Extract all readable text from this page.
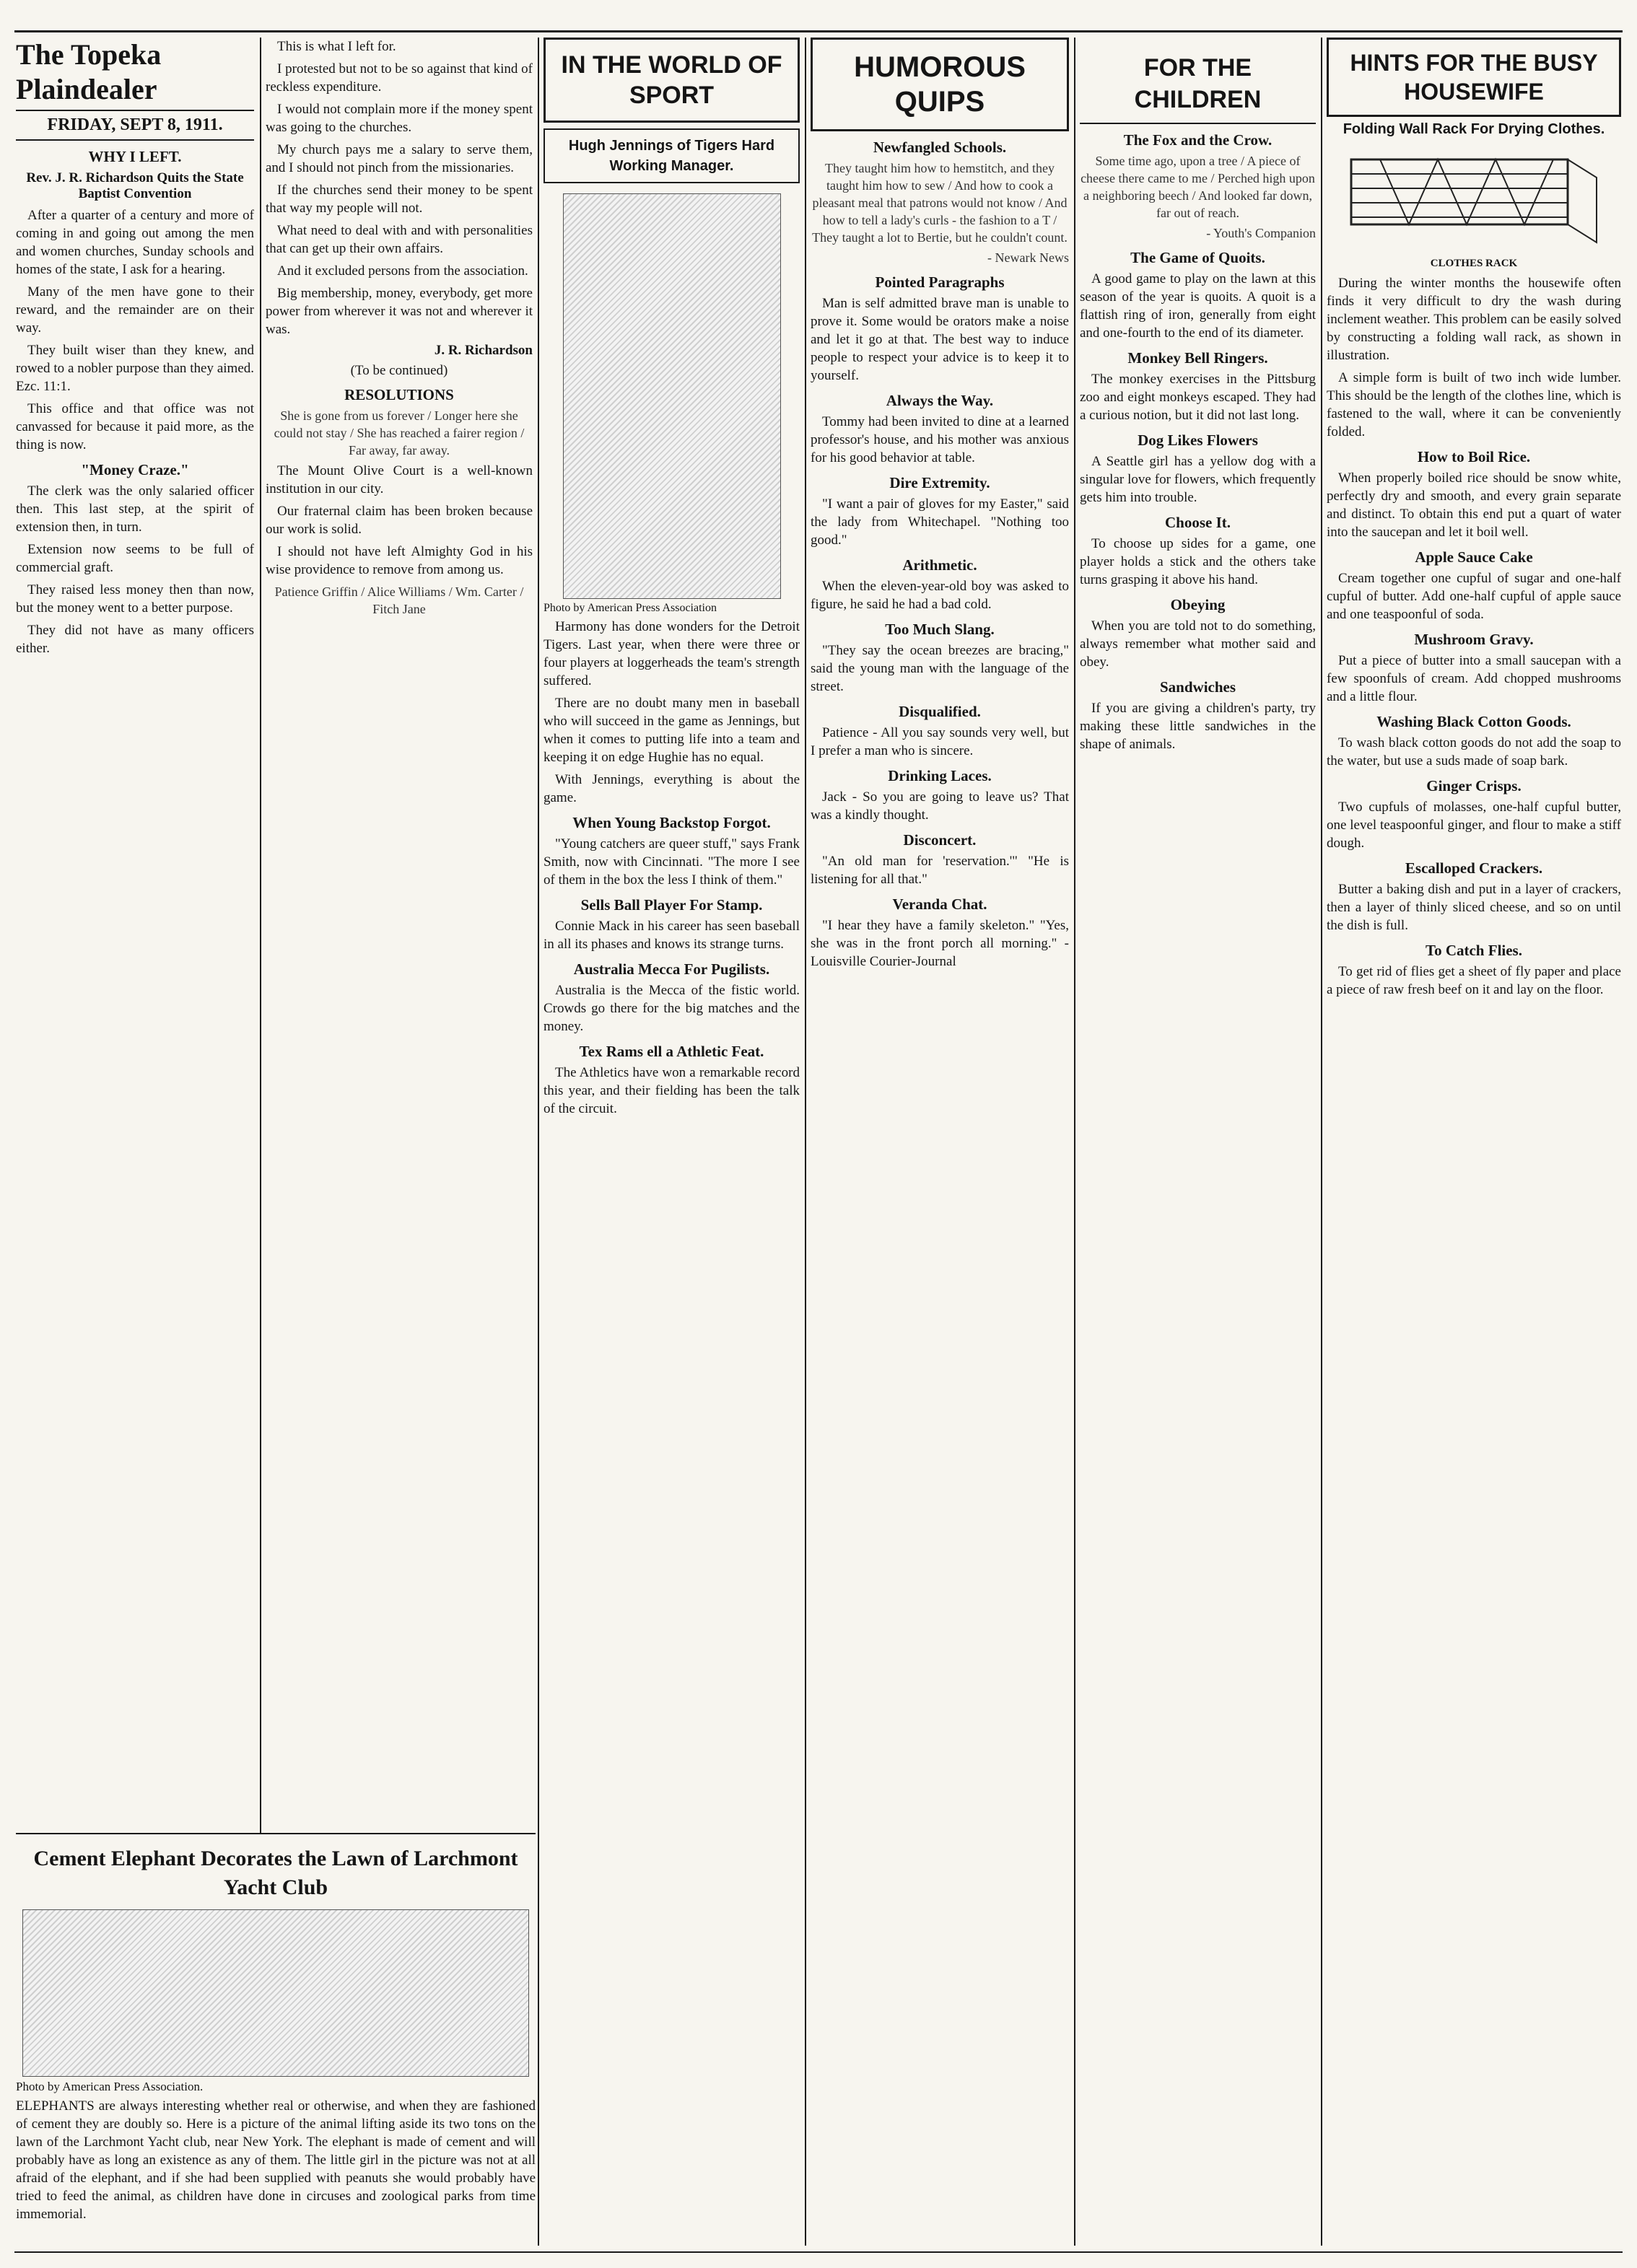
The Topeka Plaindealer
FRIDAY, SEPT 8, 1911.
WHY I LEFT.
Rev. J. R. Richardson Quits the State Baptist Convention

After a quarter of a century and more of coming in and going out among the men and women churches, Sunday schools and homes of the state, I ask for a hearing.

Many of the men have gone to their reward, and the remainder are on their way.

They built wiser than they knew, and rowed to a nobler purpose than they aimed. Ezc. 11:1.

This office and that office was not canvassed for because it paid more, as the thing is now.

"Money Craze."

The clerk was the only salaried officer then. This last step, at the spirit of extension then, in turn.

Extension now seems to be full of commercial graft.

They raised less money then than now, but the money went to a better purpose.

They did not have as many officers either.

This is what I left for.

I protested but not to be so against that kind of reckless expenditure.

I would not complain more if the money spent was going to the churches.

My church pays me a salary to serve them, and I should not pinch from the missionaries.

If the churches send their money to be spent that way my people will not.

What need to deal with and with personalities that can get up their own affairs.

And it excluded persons from the association.

Big membership, money, everybody, get more power from wherever it was not and wherever it was.

J. R. Richardson
(To be continued)
RESOLUTIONS
She is gone from us forever / Longer here she could not stay / She has reached a fairer region / Far away, far away.

The Mount Olive Court is a well-known institution in our city.

Our fraternal claim has been broken because our work is solid.

I should not have left Almighty God in his wise providence to remove from among us.

Patience Griffin / Alice Williams / Wm. Carter / Fitch Jane
Cement Elephant Decorates the Lawn of Larchmont Yacht Club
Photo by American Press Association.

ELEPHANTS are always interesting whether real or otherwise, and when they are fashioned of cement they are doubly so. Here is a picture of the animal lifting aside its two tons on the lawn of the Larchmont Yacht club, near New York. The elephant is made of cement and will probably have as long an existence as any of them. The little girl in the picture was not at all afraid of the elephant, and if she had been supplied with peanuts she would probably have tried to feed the animal, as children have done in circuses and zoological parks from time immemorial.

IN THE WORLD OF SPORT
Hugh Jennings of Tigers Hard Working Manager.
Photo by American Press Association

Harmony has done wonders for the Detroit Tigers. Last year, when there were three or four players at loggerheads the team's strength suffered.

There are no doubt many men in baseball who will succeed in the game as Jennings, but when it comes to putting life into a team and keeping it on edge Hughie has no equal.

With Jennings, everything is about the game.

When Young Backstop Forgot.

"Young catchers are queer stuff," says Frank Smith, now with Cincinnati. "The more I see of them in the box the less I think of them."

Sells Ball Player For Stamp.

Connie Mack in his career has seen baseball in all its phases and knows its strange turns.

Australia Mecca For Pugilists.

Australia is the Mecca of the fistic world. Crowds go there for the big matches and the money.

Tex Rams ell a Athletic Feat.

The Athletics have won a remarkable record this year, and their fielding has been the talk of the circuit.

HUMOROUS QUIPS
Newfangled Schools.
They taught him how to hemstitch, and they taught him how to sew / And how to cook a pleasant meal that patrons would not know / And how to tell a lady's curls - the fashion to a T / They taught a lot to Bertie, but he couldn't count.
- Newark News
Pointed Paragraphs

Man is self admitted brave man is unable to prove it. Some would be orators make a noise and let it go at that. The best way to induce people to respect your advice is to keep it to yourself.

Always the Way.

Tommy had been invited to dine at a learned professor's house, and his mother was anxious for his good behavior at table.

Dire Extremity.

"I want a pair of gloves for my Easter," said the lady from Whitechapel. "Nothing too good."

Arithmetic.

When the eleven-year-old boy was asked to figure, he said he had a bad cold.

Too Much Slang.

"They say the ocean breezes are bracing," said the young man with the language of the street.

Disqualified.

Patience - All you say sounds very well, but I prefer a man who is sincere.

Drinking Laces.

Jack - So you are going to leave us? That was a kindly thought.

Disconcert.

"An old man for 'reservation.'" "He is listening for all that."

Veranda Chat.

"I hear they have a family skeleton." "Yes, she was in the front porch all morning." - Louisville Courier-Journal

FOR THE CHILDREN
The Fox and the Crow.
Some time ago, upon a tree / A piece of cheese there came to me / Perched high upon a neighboring beech / And looked far down, far out of reach.
- Youth's Companion
The Game of Quoits.

A good game to play on the lawn at this season of the year is quoits. A quoit is a flattish ring of iron, generally from eight and one-fourth to the end of its diameter.

Monkey Bell Ringers.

The monkey exercises in the Pittsburg zoo and eight monkeys escaped. They had a curious notion, but it did not last long.

Dog Likes Flowers

A Seattle girl has a yellow dog with a singular love for flowers, which frequently gets him into trouble.

Choose It.

To choose up sides for a game, one player holds a stick and the others take turns grasping it above his hand.

Obeying

When you are told not to do something, always remember what mother said and obey.

Sandwiches

If you are giving a children's party, try making these little sandwiches in the shape of animals.

HINTS FOR THE BUSY HOUSEWIFE
Folding Wall Rack For Drying Clothes.
CLOTHES RACK

During the winter months the housewife often finds it very difficult to dry the wash during inclement weather. This problem can be easily solved by constructing a folding wall rack, as shown in illustration.

A simple form is built of two inch wide lumber. This should be the length of the clothes line, which is fastened to the wall, where it can be conveniently folded.

How to Boil Rice.

When properly boiled rice should be snow white, perfectly dry and smooth, and every grain separate and distinct. To obtain this end put a quart of water into the saucepan and let it boil well.

Apple Sauce Cake

Cream together one cupful of sugar and one-half cupful of butter. Add one-half cupful of apple sauce and one teaspoonful of soda.

Mushroom Gravy.

Put a piece of butter into a small saucepan with a few spoonfuls of cream. Add chopped mushrooms and a little flour.

Washing Black Cotton Goods.

To wash black cotton goods do not add the soap to the water, but use a suds made of soap bark.

Ginger Crisps.

Two cupfuls of molasses, one-half cupful butter, one level teaspoonful ginger, and flour to make a stiff dough.

Escalloped Crackers.

Butter a baking dish and put in a layer of crackers, then a layer of thinly sliced cheese, and so on until the dish is full.

To Catch Flies.

To get rid of flies get a sheet of fly paper and place a piece of raw fresh beef on it and lay on the floor.
